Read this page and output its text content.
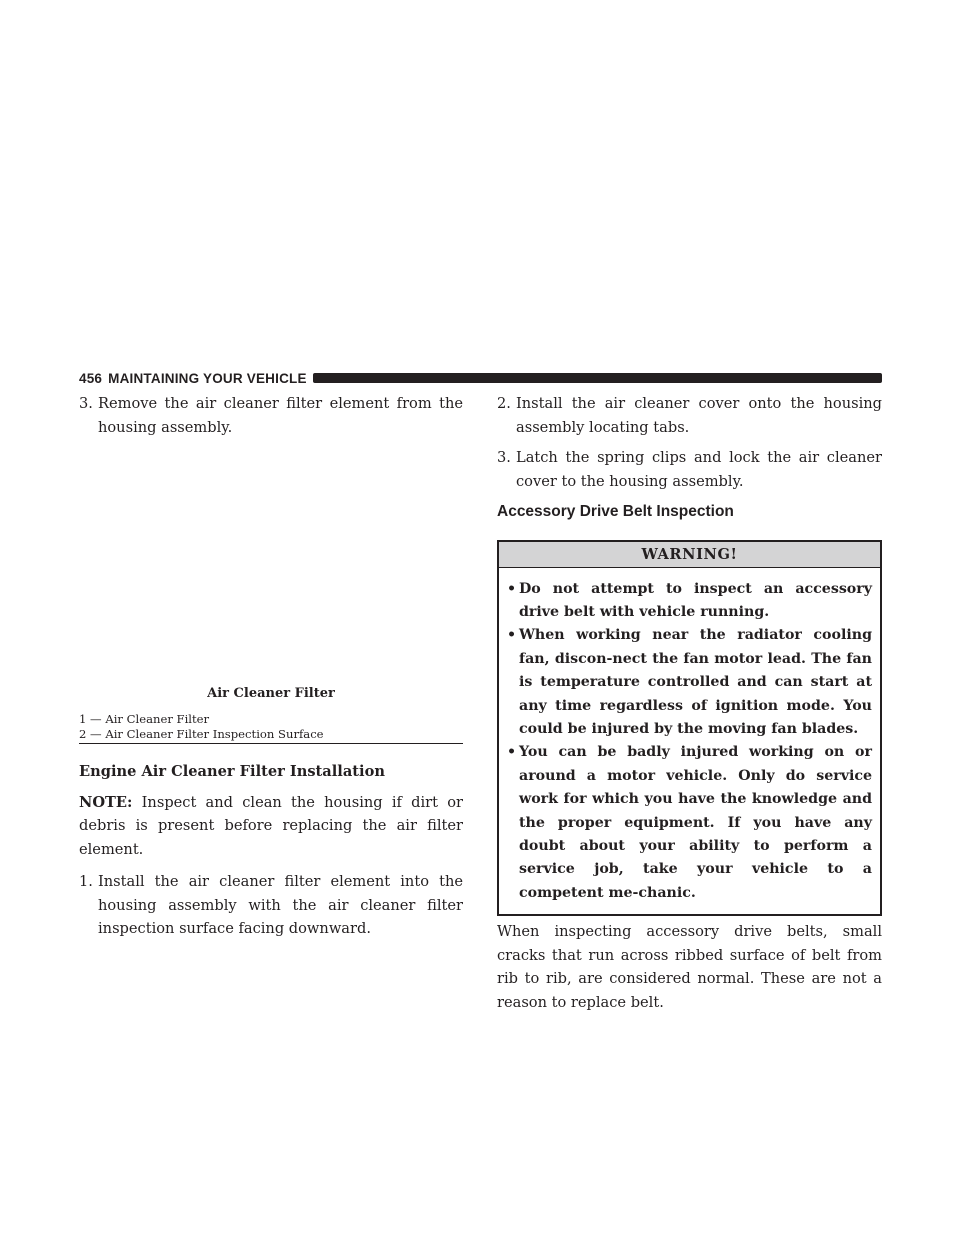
456 MAINTAINING YOUR VEHICLE
3. Remove the air cleaner filter element from the housing assembly.
Air Cleaner Filter
1 — Air Cleaner Filter
2 — Air Cleaner Filter Inspection Surface
Engine Air Cleaner Filter Installation

NOTE: Inspect and clean the housing if dirt or debris is present before replacing the air filter element.

1. Install the air cleaner filter element into the housing assembly with the air cleaner filter inspection surface facing downward.
2. Install the air cleaner cover onto the housing assembly locating tabs.
3. Latch the spring clips and lock the air cleaner cover to the housing assembly.
Accessory Drive Belt Inspection
WARNING!
• Do not attempt to inspect an accessory drive belt with vehicle running.
• When working near the radiator cooling fan, discon-nect the fan motor lead. The fan is temperature controlled and can start at any time regardless of ignition mode. You could be injured by the moving fan blades.
• You can be badly injured working on or around a motor vehicle. Only do service work for which you have the knowledge and the proper equipment. If you have any doubt about your ability to perform a service job, take your vehicle to a competent me-chanic.

When inspecting accessory drive belts, small cracks that run across ribbed surface of belt from rib to rib, are considered normal. These are not a reason to replace belt.
